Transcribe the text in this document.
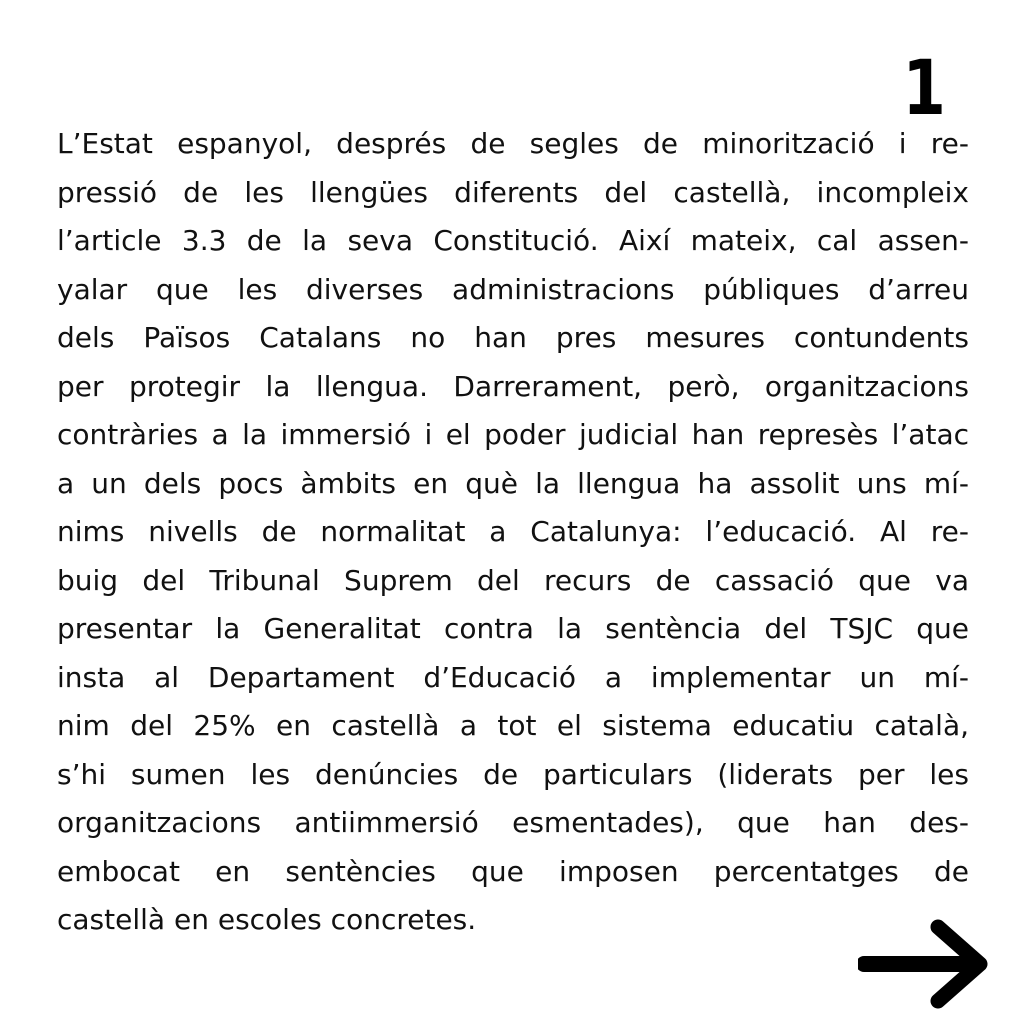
1

L’Estat espanyol, després de segles de minorització i re-
pressió de les llengües diferents del castellà, incompleix
l’article 3.3 de la seva Constitució. Així mateix, cal assen-
yalar que les diverses administracions públiques d’arreu
dels Països Catalans no han pres mesures contundents
per protegir la llengua. Darrerament, però, organitzacions
contràries a la immersió i el poder judicial han represès l’atac
a un dels pocs àmbits en què la llengua ha assolit uns mí-
nims nivells de normalitat a Catalunya: l’educació. Al re-
buig del Tribunal Suprem del recurs de cassació que va
presentar la Generalitat contra la sentència del TSJC que
insta al Departament d’Educació a implementar un mí-
nim del 25% en castellà a tot el sistema educatiu català,
s’hi sumen les denúncies de particulars (liderats per les
organitzacions antiimmersió esmentades), que han des-
embocat en sentències que imposen percentatges de
castellà en escoles concretes.
